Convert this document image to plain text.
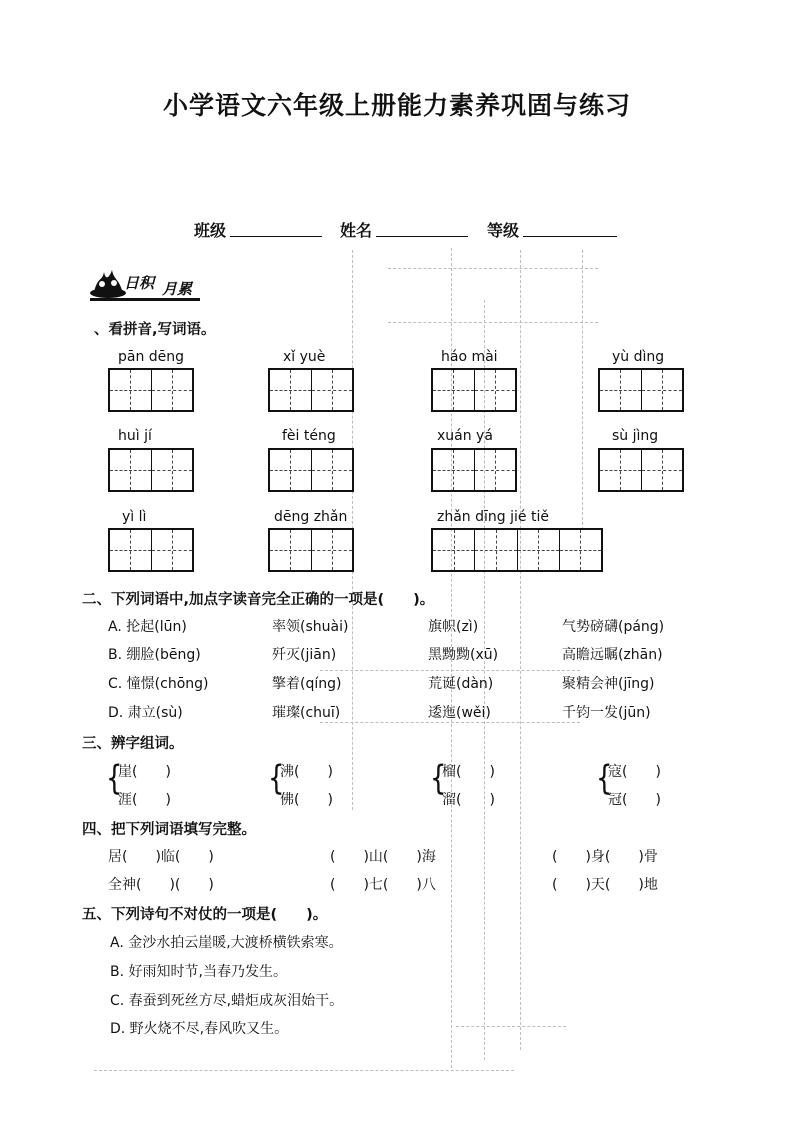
小学语文六年级上册能力素养巩固与练习
班级	姓名	等级
日积 月累
、看拼音,写词语。
pān dēng	xǐ yuè	háo mài	yù dìng
huì jí	fèi téng	xuán yá	sù jìng
yì lì	dēng zhǎn	zhǎn dīng jié tiě
二、下列词语中,加点字读音完全正确的一项是(　　)。
A. 抡起(lūn)	率领(shuài)	旗帜(zì)	气势磅礴(páng)
B. 绷脸(bēng)	歼灭(jiān)	黑黝黝(xū)	高瞻远瞩(zhān)
C. 憧憬(chōng)	擎着(qíng)	荒诞(dàn)	聚精会神(jīng)
D. 肃立(sù)	璀璨(chuī)	逶迤(wěi)	千钧一发(jūn)
三、辨字组词。
{
崖(　　)
涯(　　)
{
沸(　　)
佛(　　)
{
榴(　　)
溜(　　)
{
寇(　　)
冠(　　)
四、把下列词语填写完整。
居(　　)临(　　)	(　　)山(　　)海	(　　)身(　　)骨
全神(　　)(　　)	(　　)七(　　)八	(　　)天(　　)地
五、下列诗句不对仗的一项是(　　)。
A. 金沙水拍云崖暖,大渡桥横铁索寒。
B. 好雨知时节,当春乃发生。
C. 春蚕到死丝方尽,蜡炬成灰泪始干。
D. 野火烧不尽,春风吹又生。
